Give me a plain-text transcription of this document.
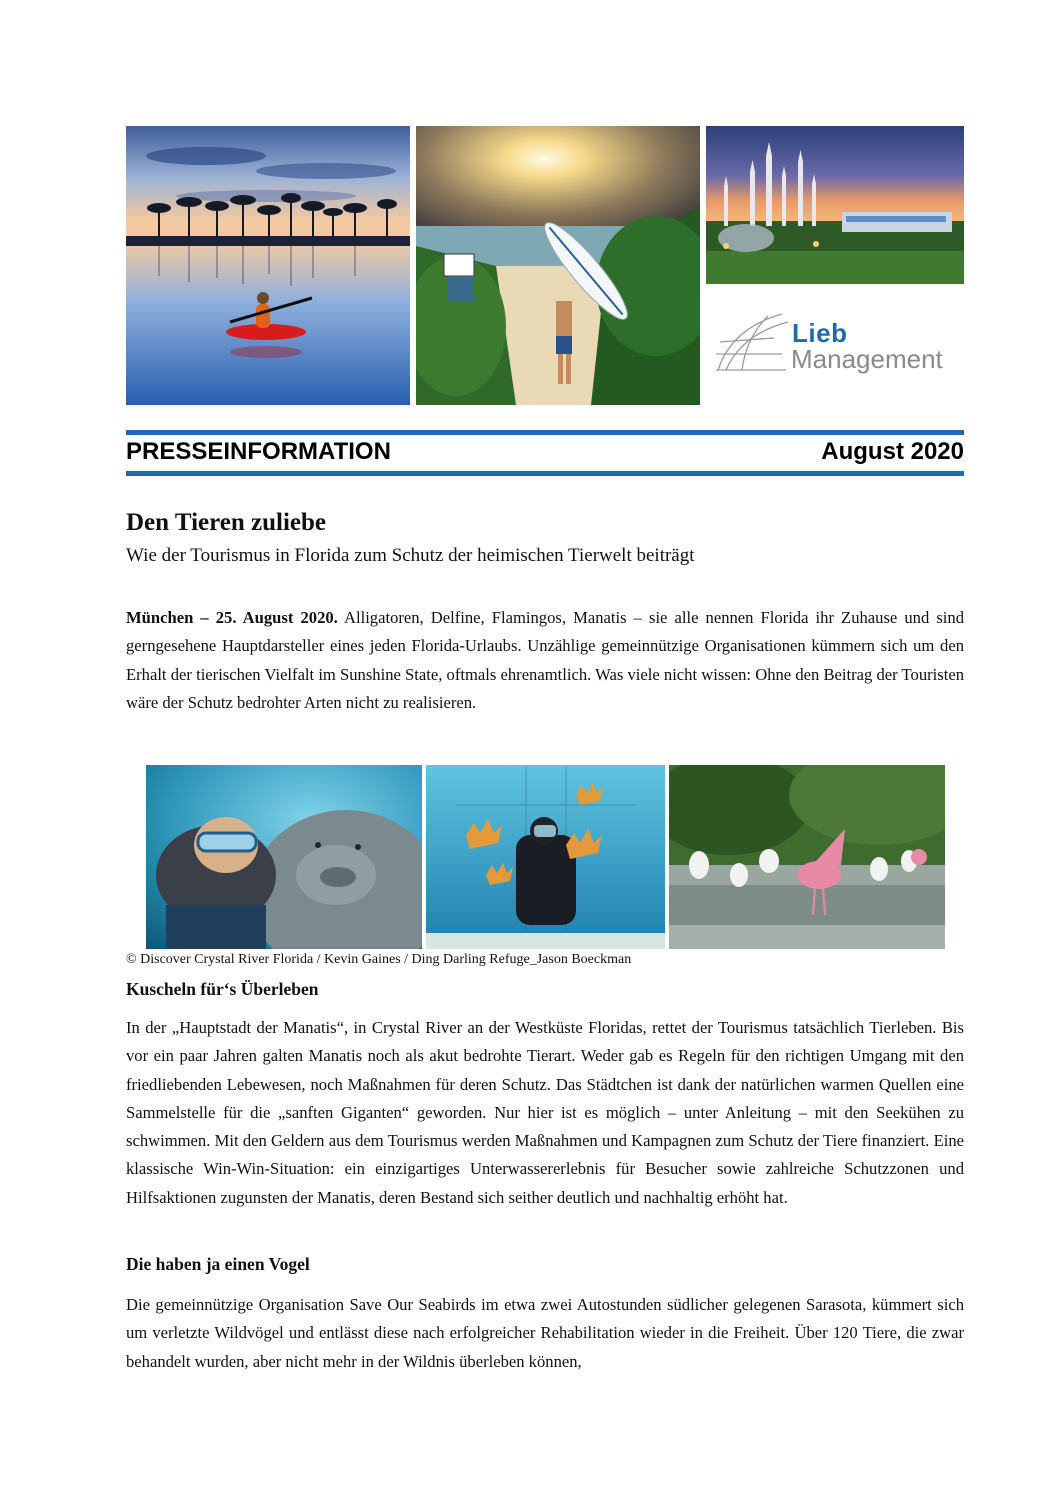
Lieb
Management
PRESSEINFORMATION	August 2020
Den Tieren zuliebe
Wie der Tourismus in Florida zum Schutz der heimischen Tierwelt beiträgt

München – 25. August 2020. Alligatoren, Delfine, Flamingos, Manatis – sie alle nennen Florida ihr Zuhause und sind gerngesehene Hauptdarsteller eines jeden Florida-Urlaubs. Unzählige gemeinnützige Organisationen kümmern sich um den Erhalt der tierischen Vielfalt im Sunshine State, oftmals ehrenamtlich. Was viele nicht wissen: Ohne den Beitrag der Touristen wäre der Schutz bedrohter Arten nicht zu realisieren.

© Discover Crystal River Florida / Kevin Gaines / Ding Darling Refuge_Jason Boeckman
Kuscheln für‘s Überleben

In der „Hauptstadt der Manatis“, in Crystal River an der Westküste Floridas, rettet der Tourismus tatsächlich Tierleben. Bis vor ein paar Jahren galten Manatis noch als akut bedrohte Tierart. Weder gab es Regeln für den richtigen Umgang mit den friedliebenden Lebewesen, noch Maßnahmen für deren Schutz. Das Städtchen ist dank der natürlichen warmen Quellen eine Sammelstelle für die „sanften Giganten“ geworden. Nur hier ist es möglich – unter Anleitung – mit den Seekühen zu schwimmen. Mit den Geldern aus dem Tourismus werden Maßnahmen und Kampagnen zum Schutz der Tiere finanziert. Eine klassische Win-Win-Situation: ein einzigartiges Unterwassererlebnis für Besucher sowie zahlreiche Schutzzonen und Hilfsaktionen zugunsten der Manatis, deren Bestand sich seither deutlich und nachhaltig erhöht hat.

Die haben ja einen Vogel

Die gemeinnützige Organisation Save Our Seabirds im etwa zwei Autostunden südlicher gelegenen Sarasota, kümmert sich um verletzte Wildvögel und entlässt diese nach erfolgreicher Rehabilitation wieder in die Freiheit. Über 120 Tiere, die zwar behandelt wurden, aber nicht mehr in der Wildnis überleben können,
